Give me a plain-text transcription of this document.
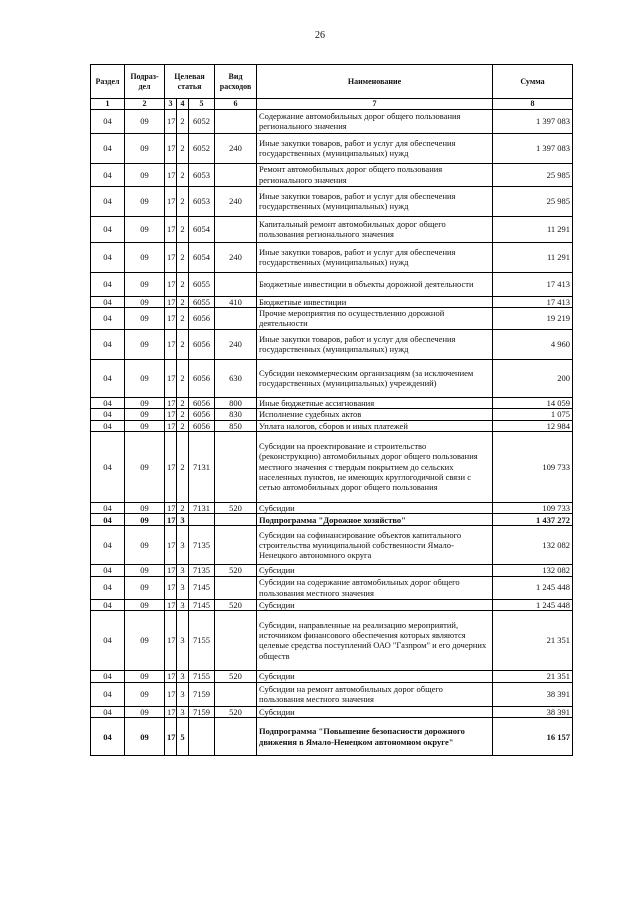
26
Раздел	Подраз-дел	Целевая статья			Вид расходов	Наименование	Сумма
1	2	3	4	5	6	7	8
04	09	17	2	6052		Содержание автомобильных дорог общего пользования регионального значения	1 397 083
04	09	17	2	6052	240	Иные закупки товаров, работ и услуг для обеспечения государственных (муниципальных) нужд	1 397 083
04	09	17	2	6053		Ремонт автомобильных дорог общего пользования регионального значения	25 985
04	09	17	2	6053	240	Иные закупки товаров, работ и услуг для обеспечения государственных (муниципальных) нужд	25 985
04	09	17	2	6054		Капитальный ремонт автомобильных дорог общего пользования регионального значения	11 291
04	09	17	2	6054	240	Иные закупки товаров, работ и услуг для обеспечения государственных (муниципальных) нужд	11 291
04	09	17	2	6055		Бюджетные инвестиции в объекты дорожной деятельности	17 413
04	09	17	2	6055	410	Бюджетные инвестиции	17 413
04	09	17	2	6056		Прочие мероприятия по осуществлению дорожной деятельности	19 219
04	09	17	2	6056	240	Иные закупки товаров, работ и услуг для обеспечения государственных (муниципальных) нужд	4 960
04	09	17	2	6056	630	Субсидии некоммерческим организациям (за исключением государственных (муниципальных) учреждений)	200
04	09	17	2	6056	800	Иные бюджетные ассигнования	14 059
04	09	17	2	6056	830	Исполнение судебных актов	1 075
04	09	17	2	6056	850	Уплата налогов, сборов и иных платежей	12 984
04	09	17	2	7131		Субсидии на проектирование и строительство (реконструкцию) автомобильных дорог общего пользования местного значения с твердым покрытием до сельских населенных пунктов, не имеющих круглогодичной связи с сетью автомобильных дорог общего пользования	109 733
04	09	17	2	7131	520	Субсидии	109 733
04	09	17	3			Подпрограмма "Дорожное хозяйство"	1 437 272
04	09	17	3	7135		Субсидии на софинансирование объектов капитального строительства муниципальной собственности Ямало-Ненецкого автономного округа	132 082
04	09	17	3	7135	520	Субсидии	132 082
04	09	17	3	7145		Субсидии на содержание автомобильных дорог общего пользования местного значения	1 245 448
04	09	17	3	7145	520	Субсидии	1 245 448
04	09	17	3	7155		Субсидии, направленные на реализацию мероприятий, источником финансового обеспечения которых являются целевые средства поступлений ОАО "Газпром" и его дочерних обществ	21 351
04	09	17	3	7155	520	Субсидии	21 351
04	09	17	3	7159		Субсидии на ремонт автомобильных дорог общего пользования местного значения	38 391
04	09	17	3	7159	520	Субсидии	38 391
04	09	17	5			Подпрограмма "Повышение безопасности дорожного движения в Ямало-Ненецком автономном округе"	16 157
